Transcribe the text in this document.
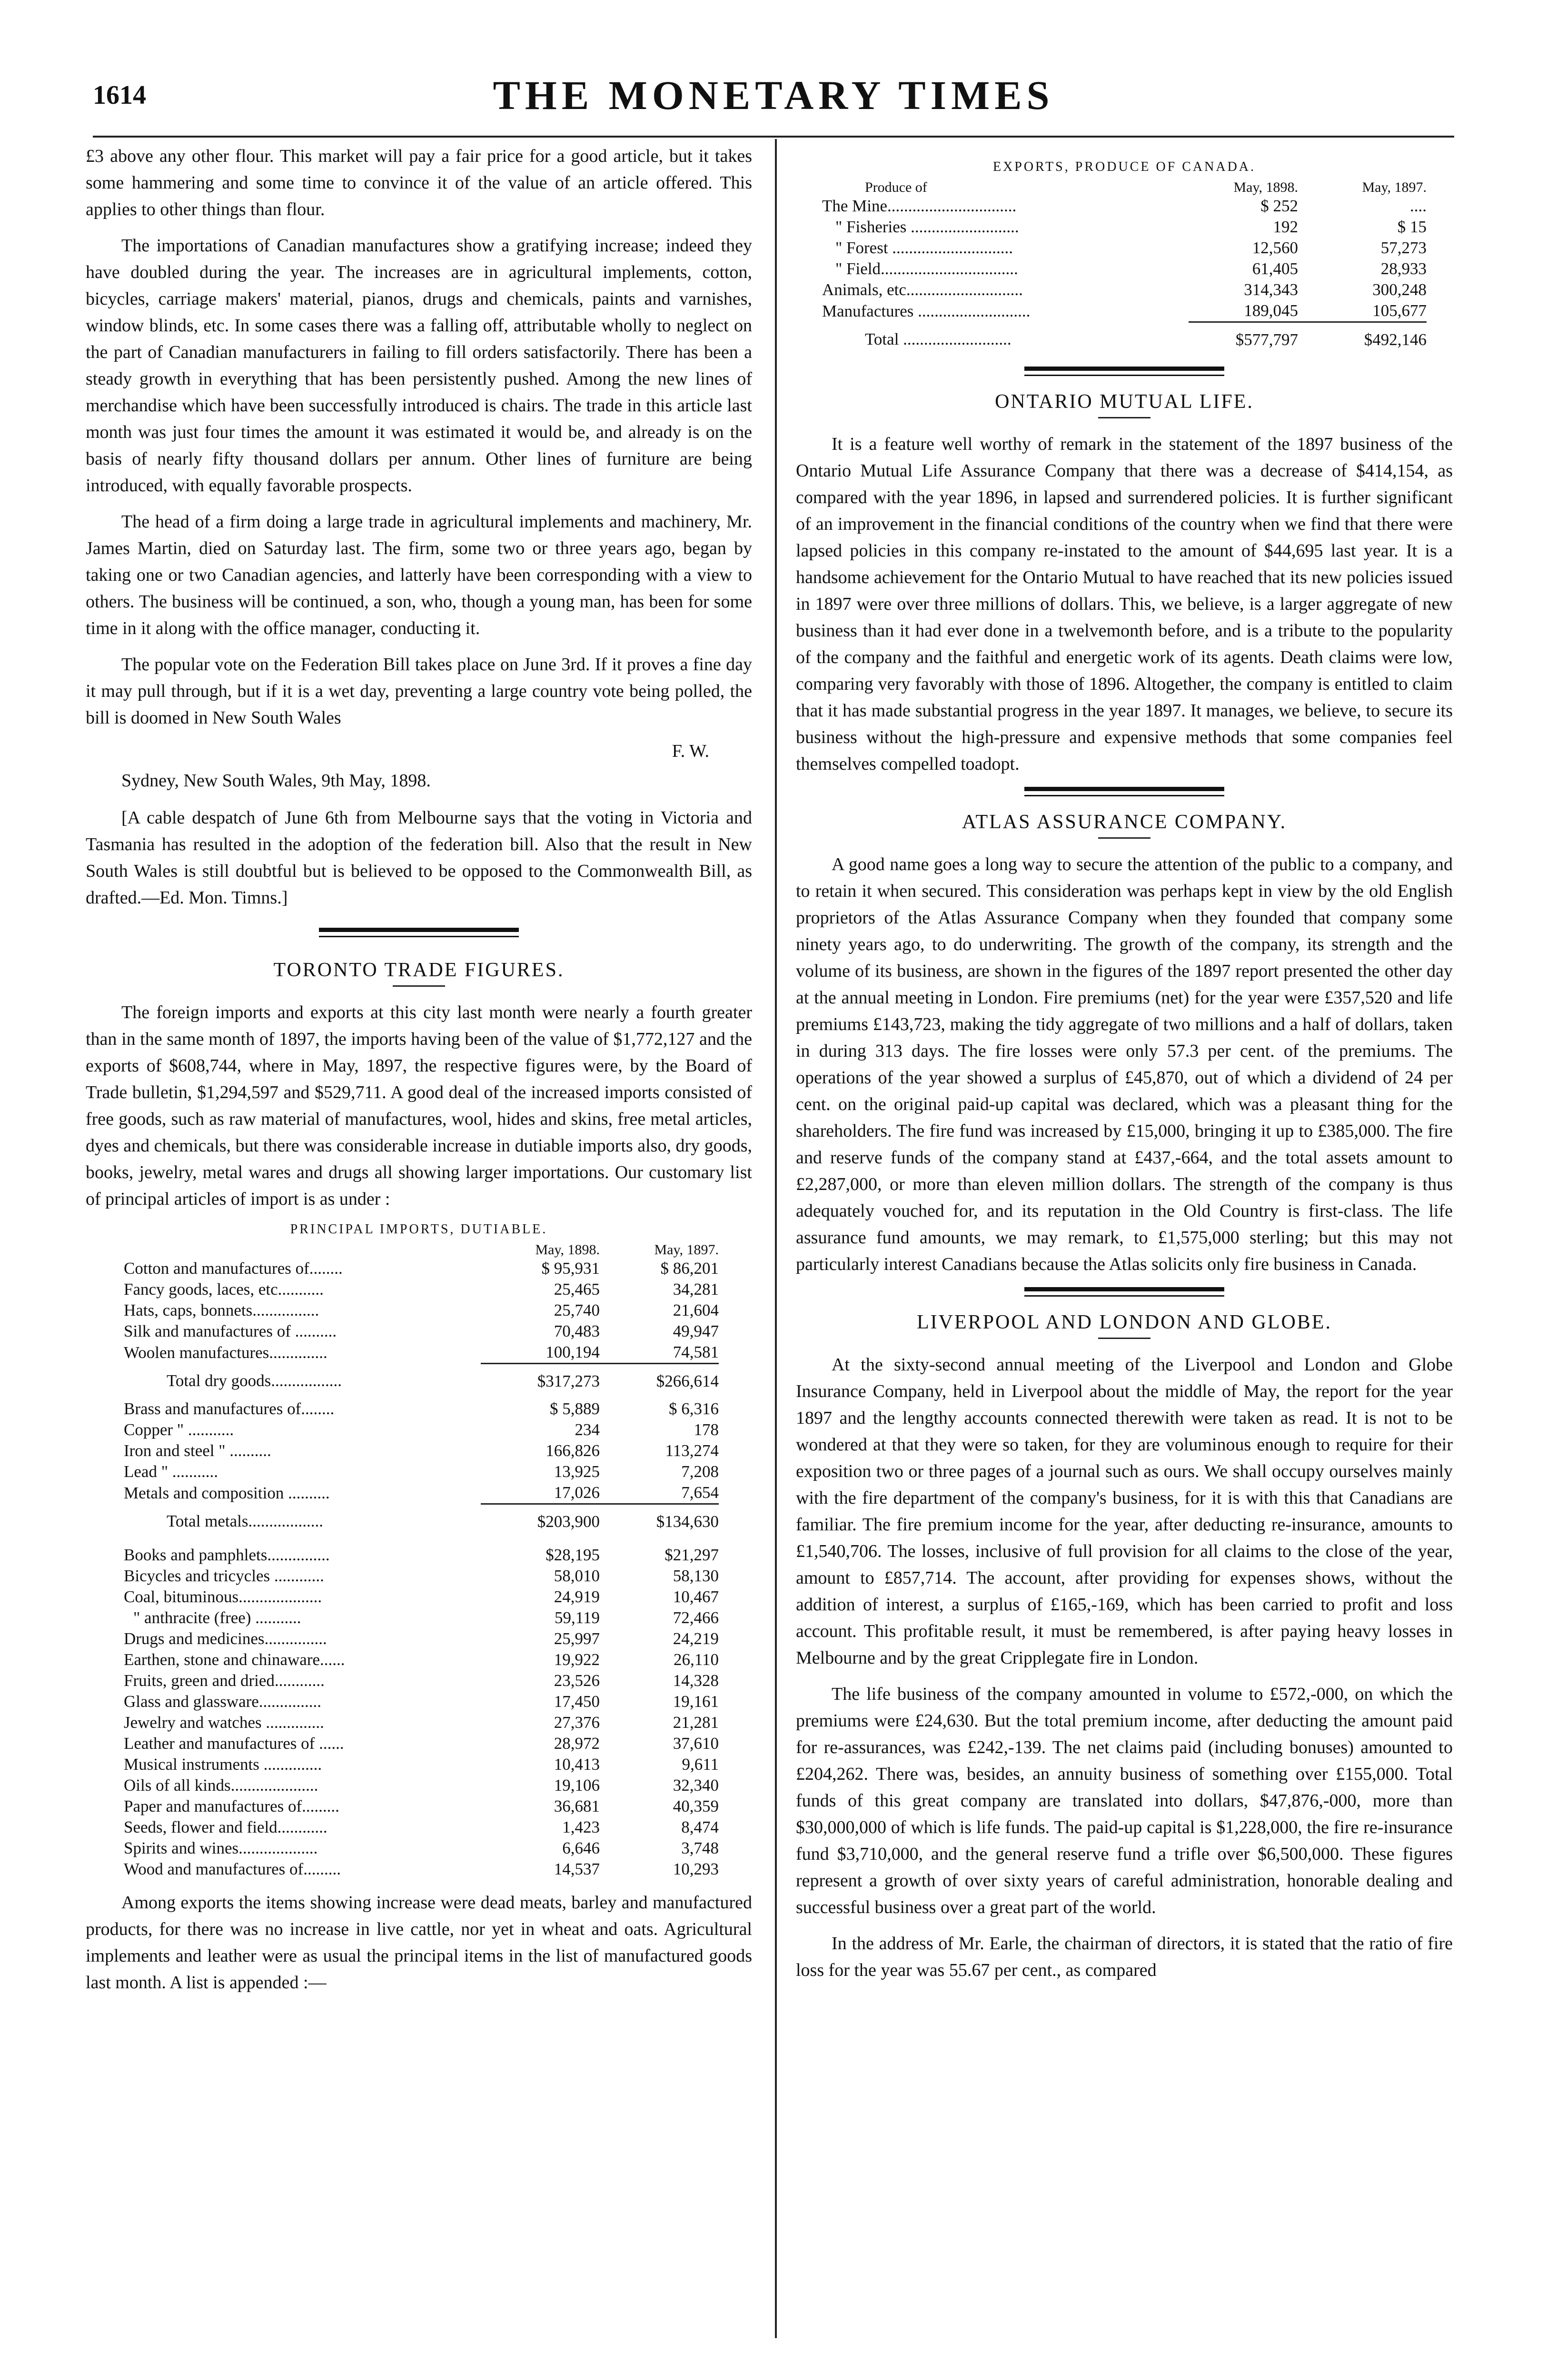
1614	THE MONETARY TIMES

£3 above any other flour. This market will pay a fair price for a good article, but it takes some hammering and some time to convince it of the value of an article offered. This applies to other things than flour.

The importations of Canadian manufactures show a gratifying increase; indeed they have doubled during the year. The increases are in agricultural implements, cotton, bicycles, carriage makers' material, pianos, drugs and chemicals, paints and varnishes, window blinds, etc. In some cases there was a falling off, attributable wholly to neglect on the part of Canadian manufacturers in failing to fill orders satisfactorily. There has been a steady growth in everything that has been persistently pushed. Among the new lines of merchandise which have been successfully introduced is chairs. The trade in this article last month was just four times the amount it was estimated it would be, and already is on the basis of nearly fifty thousand dollars per annum. Other lines of furniture are being introduced, with equally favorable prospects.

The head of a firm doing a large trade in agricultural implements and machinery, Mr. James Martin, died on Saturday last. The firm, some two or three years ago, began by taking one or two Canadian agencies, and latterly have been corresponding with a view to others. The business will be continued, a son, who, though a young man, has been for some time in it along with the office manager, conducting it.

The popular vote on the Federation Bill takes place on June 3rd. If it proves a fine day it may pull through, but if it is a wet day, preventing a large country vote being polled, the bill is doomed in New South Wales

F. W.
Sydney, New South Wales, 9th May, 1898.

[A cable despatch of June 6th from Melbourne says that the voting in Victoria and Tasmania has resulted in the adoption of the federation bill. Also that the result in New South Wales is still doubtful but is believed to be opposed to the Commonwealth Bill, as drafted.—Ed. Mon. Timns.]

TORONTO TRADE FIGURES.

The foreign imports and exports at this city last month were nearly a fourth greater than in the same month of 1897, the imports having been of the value of $1,772,127 and the exports of $608,744, where in May, 1897, the respective figures were, by the Board of Trade bulletin, $1,294,597 and $529,711. A good deal of the increased imports consisted of free goods, such as raw material of manufactures, wool, hides and skins, free metal articles, dyes and chemicals, but there was considerable increase in dutiable imports also, dry goods, books, jewelry, metal wares and drugs all showing larger importations. Our customary list of principal articles of import is as under :

PRINCIPAL IMPORTS, DUTIABLE.
	May, 1898.	May, 1897.
Cotton and manufactures of........	$ 95,931	$ 86,201
Fancy goods, laces, etc...........	25,465	34,281
Hats, caps, bonnets................	25,740	21,604
Silk and manufactures of ..........	70,483	49,947
Woolen manufactures..............	100,194	74,581
Total dry goods.................	$317,273	$266,614
Brass and manufactures of........	$ 5,889	$ 6,316
Copper " ...........	234	178
Iron and steel " ..........	166,826	113,274
Lead " ...........	13,925	7,208
Metals and composition ..........	17,026	7,654
Total metals..................	$203,900	$134,630

Books and pamphlets...............	$28,195	$21,297
Bicycles and tricycles ............	58,010	58,130
Coal, bituminous....................	24,919	10,467
" anthracite (free) ...........	59,119	72,466
Drugs and medicines...............	25,997	24,219
Earthen, stone and chinaware......	19,922	26,110
Fruits, green and dried............	23,526	14,328
Glass and glassware...............	17,450	19,161
Jewelry and watches ..............	27,376	21,281
Leather and manufactures of ......	28,972	37,610
Musical instruments ..............	10,413	9,611
Oils of all kinds.....................	19,106	32,340
Paper and manufactures of.........	36,681	40,359
Seeds, flower and field............	1,423	8,474
Spirits and wines...................	6,646	3,748
Wood and manufactures of.........	14,537	10,293

Among exports the items showing increase were dead meats, barley and manufactured products, for there was no increase in live cattle, nor yet in wheat and oats. Agricultural implements and leather were as usual the principal items in the list of manufactured goods last month. A list is appended :—

EXPORTS, PRODUCE OF CANADA.
Produce of	May, 1898.	May, 1897.
The Mine...............................	$ 252	....
" Fisheries ..........................	192	$ 15
" Forest .............................	12,560	57,273
" Field.................................	61,405	28,933
Animals, etc............................	314,343	300,248
Manufactures ...........................	189,045	105,677
Total ..........................	$577,797	$492,146
ONTARIO MUTUAL LIFE.

It is a feature well worthy of remark in the statement of the 1897 business of the Ontario Mutual Life Assurance Company that there was a decrease of $414,154, as compared with the year 1896, in lapsed and surrendered policies. It is further significant of an improvement in the financial conditions of the country when we find that there were lapsed policies in this company re-instated to the amount of $44,695 last year. It is a handsome achievement for the Ontario Mutual to have reached that its new policies issued in 1897 were over three millions of dollars. This, we believe, is a larger aggregate of new business than it had ever done in a twelvemonth before, and is a tribute to the popularity of the company and the faithful and energetic work of its agents. Death claims were low, comparing very favorably with those of 1896. Altogether, the company is entitled to claim that it has made substantial progress in the year 1897. It manages, we believe, to secure its business without the high-pressure and expensive methods that some companies feel themselves compelled toadopt.

ATLAS ASSURANCE COMPANY.

A good name goes a long way to secure the attention of the public to a company, and to retain it when secured. This consideration was perhaps kept in view by the old English proprietors of the Atlas Assurance Company when they founded that company some ninety years ago, to do underwriting. The growth of the company, its strength and the volume of its business, are shown in the figures of the 1897 report presented the other day at the annual meeting in London. Fire premiums (net) for the year were £357,520 and life premiums £143,723, making the tidy aggregate of two millions and a half of dollars, taken in during 313 days. The fire losses were only 57.3 per cent. of the premiums. The operations of the year showed a surplus of £45,870, out of which a dividend of 24 per cent. on the original paid-up capital was declared, which was a pleasant thing for the shareholders. The fire fund was increased by £15,000, bringing it up to £385,000. The fire and reserve funds of the company stand at £437,-664, and the total assets amount to £2,287,000, or more than eleven million dollars. The strength of the company is thus adequately vouched for, and its reputation in the Old Country is first-class. The life assurance fund amounts, we may remark, to £1,575,000 sterling; but this may not particularly interest Canadians because the Atlas solicits only fire business in Canada.

LIVERPOOL AND LONDON AND GLOBE.

At the sixty-second annual meeting of the Liverpool and London and Globe Insurance Company, held in Liverpool about the middle of May, the report for the year 1897 and the lengthy accounts connected therewith were taken as read. It is not to be wondered at that they were so taken, for they are voluminous enough to require for their exposition two or three pages of a journal such as ours. We shall occupy ourselves mainly with the fire department of the company's business, for it is with this that Canadians are familiar. The fire premium income for the year, after deducting re-insurance, amounts to £1,540,706. The losses, inclusive of full provision for all claims to the close of the year, amount to £857,714. The account, after providing for expenses shows, without the addition of interest, a surplus of £165,-169, which has been carried to profit and loss account. This profitable result, it must be remembered, is after paying heavy losses in Melbourne and by the great Cripplegate fire in London.

The life business of the company amounted in volume to £572,-000, on which the premiums were £24,630. But the total premium income, after deducting the amount paid for re-assurances, was £242,-139. The net claims paid (including bonuses) amounted to £204,262. There was, besides, an annuity business of something over £155,000. Total funds of this great company are translated into dollars, $47,876,-000, more than $30,000,000 of which is life funds. The paid-up capital is $1,228,000, the fire re-insurance fund $3,710,000, and the general reserve fund a trifle over $6,500,000. These figures represent a growth of over sixty years of careful administration, honorable dealing and successful business over a great part of the world.

In the address of Mr. Earle, the chairman of directors, it is stated that the ratio of fire loss for the year was 55.67 per cent., as compared
